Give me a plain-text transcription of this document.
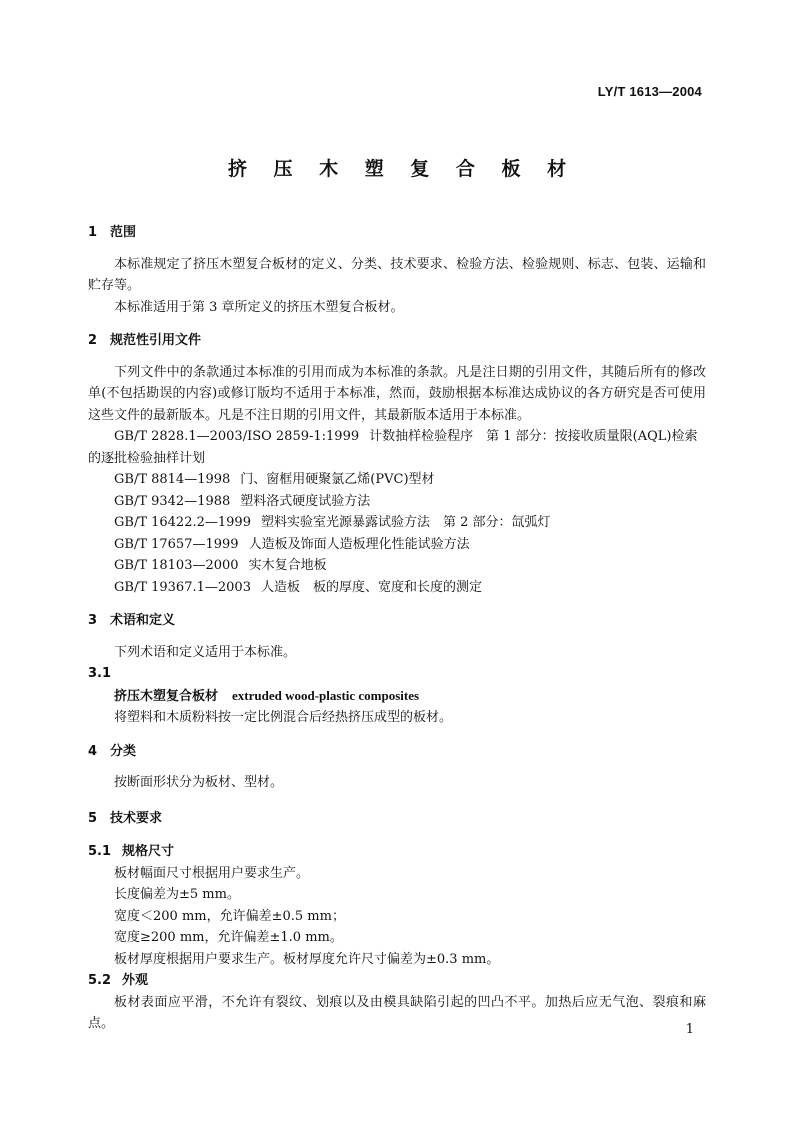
LY/T 1613—2004
挤 压 木 塑 复 合 板 材
1 范围

本标准规定了挤压木塑复合板材的定义、分类、技术要求、检验方法、检验规则、标志、包装、运输和贮存等。

本标准适用于第 3 章所定义的挤压木塑复合板材。

2 规范性引用文件

下列文件中的条款通过本标准的引用而成为本标准的条款。凡是注日期的引用文件，其随后所有的修改单(不包括勘误的内容)或修订版均不适用于本标准，然而，鼓励根据本标准达成协议的各方研究是否可使用这些文件的最新版本。凡是不注日期的引用文件，其最新版本适用于本标准。

GB/T 2828.1—2003/ISO 2859-1:1999 计数抽样检验程序　第 1 部分：按接收质量限(AQL)检索的逐批检验抽样计划

GB/T 8814—1998 门、窗框用硬聚氯乙烯(PVC)型材

GB/T 9342—1988 塑料洛式硬度试验方法

GB/T 16422.2—1999 塑料实验室光源暴露试验方法　第 2 部分：氙弧灯

GB/T 17657—1999 人造板及饰面人造板理化性能试验方法

GB/T 18103—2000 实木复合地板

GB/T 19367.1—2003 人造板　板的厚度、宽度和长度的测定

3 术语和定义

下列术语和定义适用于本标准。

3.1

挤压木塑复合板材 extruded wood-plastic composites

将塑料和木质粉料按一定比例混合后经热挤压成型的板材。

4 分类

按断面形状分为板材、型材。

5 技术要求
5.1 规格尺寸

板材幅面尺寸根据用户要求生产。

长度偏差为±5 mm。

宽度＜200 mm，允许偏差±0.5 mm；

宽度≥200 mm，允许偏差±1.0 mm。

板材厚度根据用户要求生产。板材厚度允许尺寸偏差为±0.3 mm。

5.2 外观

板材表面应平滑，不允许有裂纹、划痕以及由模具缺陷引起的凹凸不平。加热后应无气泡、裂痕和麻点。	1
